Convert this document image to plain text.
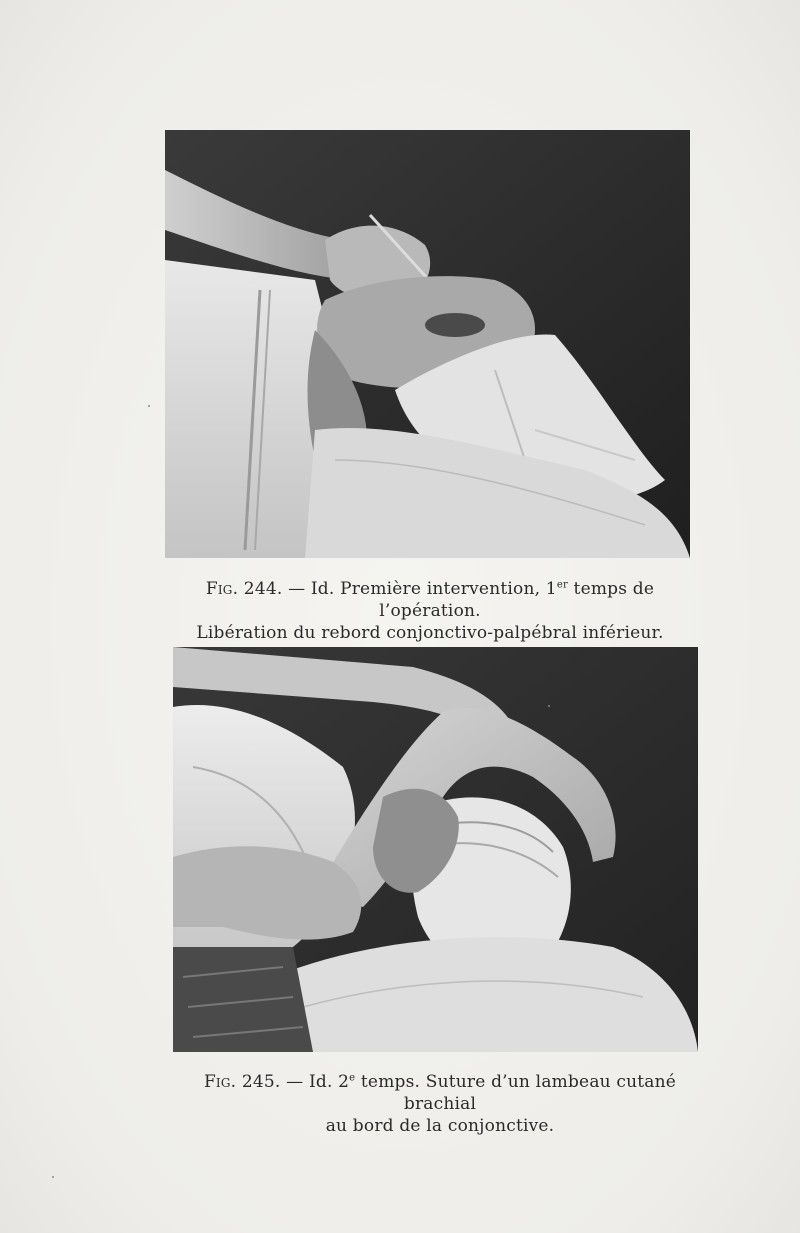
Fig. 244. — Id. Première intervention, 1er temps de l’opération.
Libération du rebord conjonctivo-palpébral inférieur.
Fig. 245. — Id. 2e temps. Suture d’un lambeau cutané brachial
au bord de la conjonctive.
